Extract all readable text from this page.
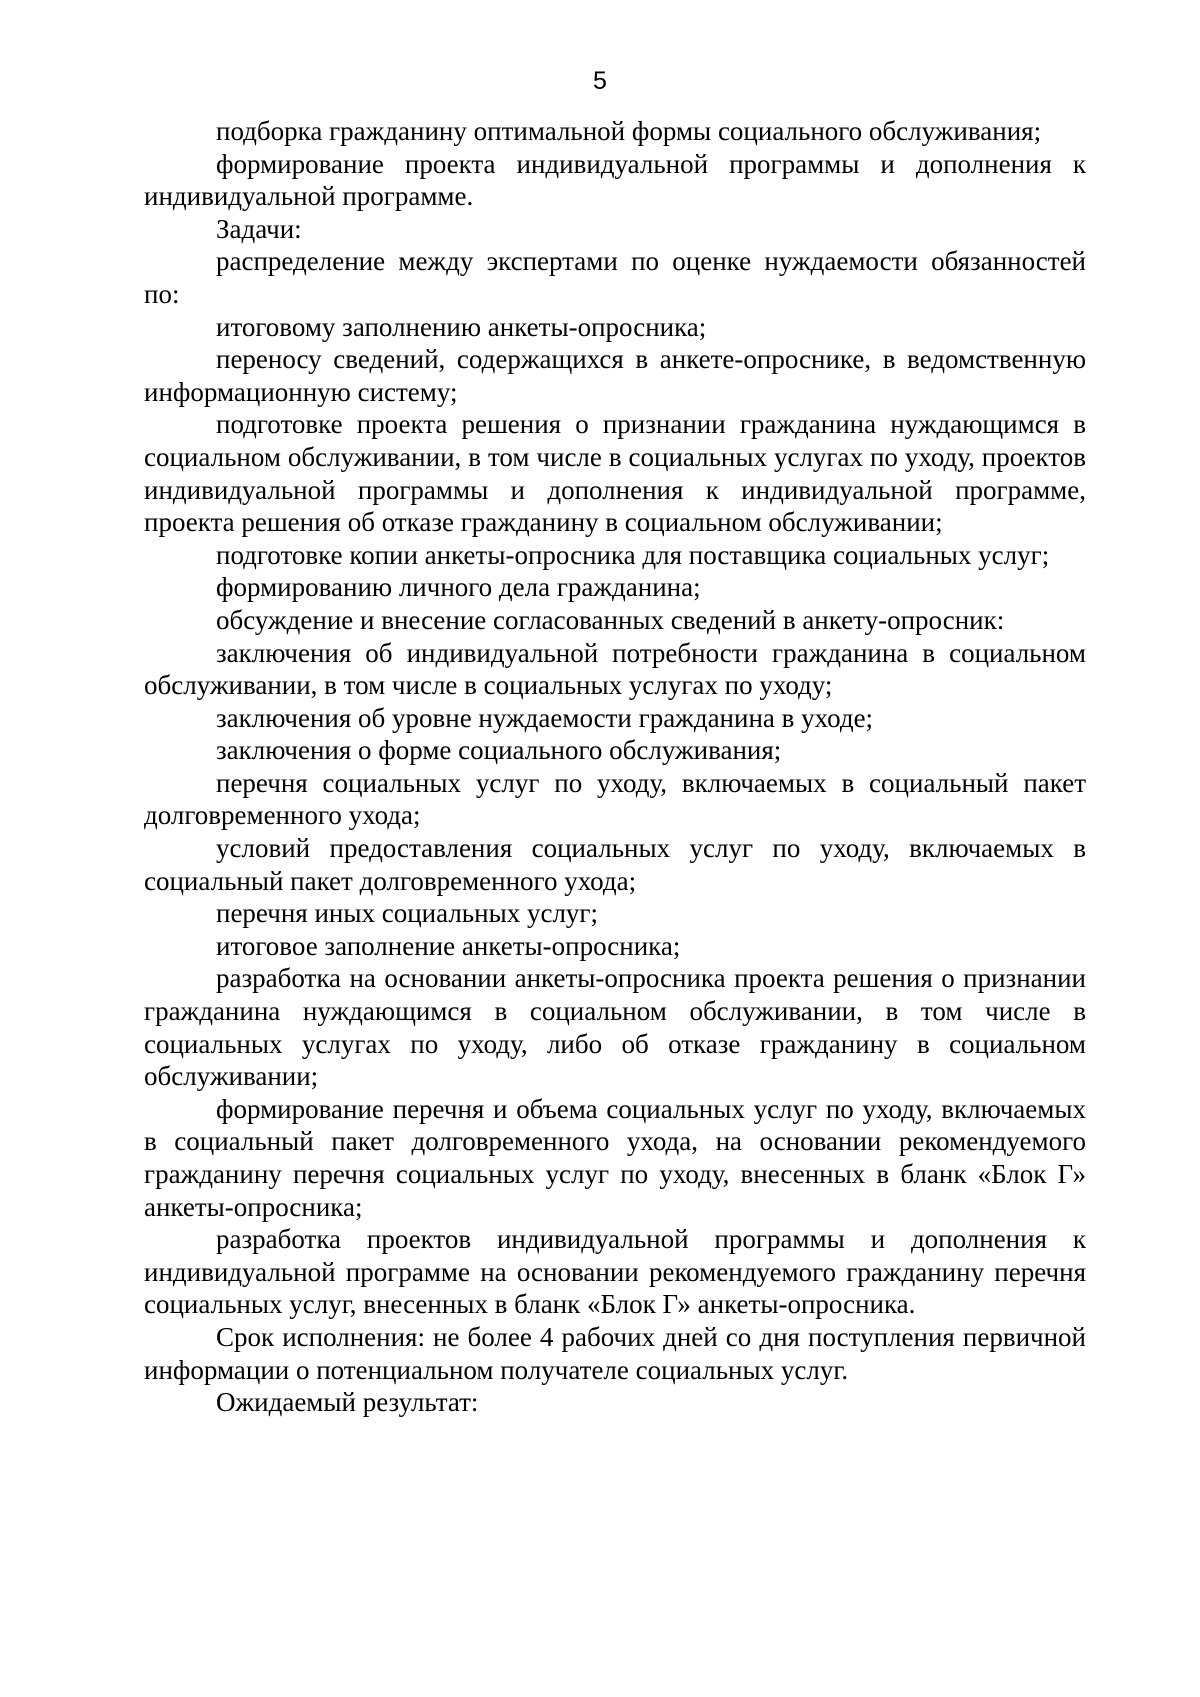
5

подборка гражданину оптимальной формы социального обслуживания;

формирование проекта индивидуальной программы и дополнения к индивидуальной программе.

Задачи:

распределение между экспертами по оценке нуждаемости обязанностей по:

итоговому заполнению анкеты-опросника;

переносу сведений, содержащихся в анкете-опроснике, в ведомственную информационную систему;

подготовке проекта решения о признании гражданина нуждающимся в социальном обслуживании, в том числе в социальных услугах по уходу, проектов индивидуальной программы и дополнения к индивидуальной программе, проекта решения об отказе гражданину в социальном обслуживании;

подготовке копии анкеты-опросника для поставщика социальных услуг;

формированию личного дела гражданина;

обсуждение и внесение согласованных сведений в анкету-опросник:

заключения об индивидуальной потребности гражданина в социальном обслуживании, в том числе в социальных услугах по уходу;

заключения об уровне нуждаемости гражданина в уходе;

заключения о форме социального обслуживания;

перечня социальных услуг по уходу, включаемых в социальный пакет долговременного ухода;

условий предоставления социальных услуг по уходу, включаемых в социальный пакет долговременного ухода;

перечня иных социальных услуг;

итоговое заполнение анкеты-опросника;

разработка на основании анкеты-опросника проекта решения о признании гражданина нуждающимся в социальном обслуживании, в том числе в социальных услугах по уходу, либо об отказе гражданину в социальном обслуживании;

формирование перечня и объема социальных услуг по уходу, включаемых в социальный пакет долговременного ухода, на основании рекомендуемого гражданину перечня социальных услуг по уходу, внесенных в бланк «Блок Г» анкеты-опросника;

разработка проектов индивидуальной программы и дополнения к индивидуальной программе на основании рекомендуемого гражданину перечня социальных услуг, внесенных в бланк «Блок Г» анкеты-опросника.

Срок исполнения: не более 4 рабочих дней со дня поступления первичной информации о потенциальном получателе социальных услуг.

Ожидаемый результат:
